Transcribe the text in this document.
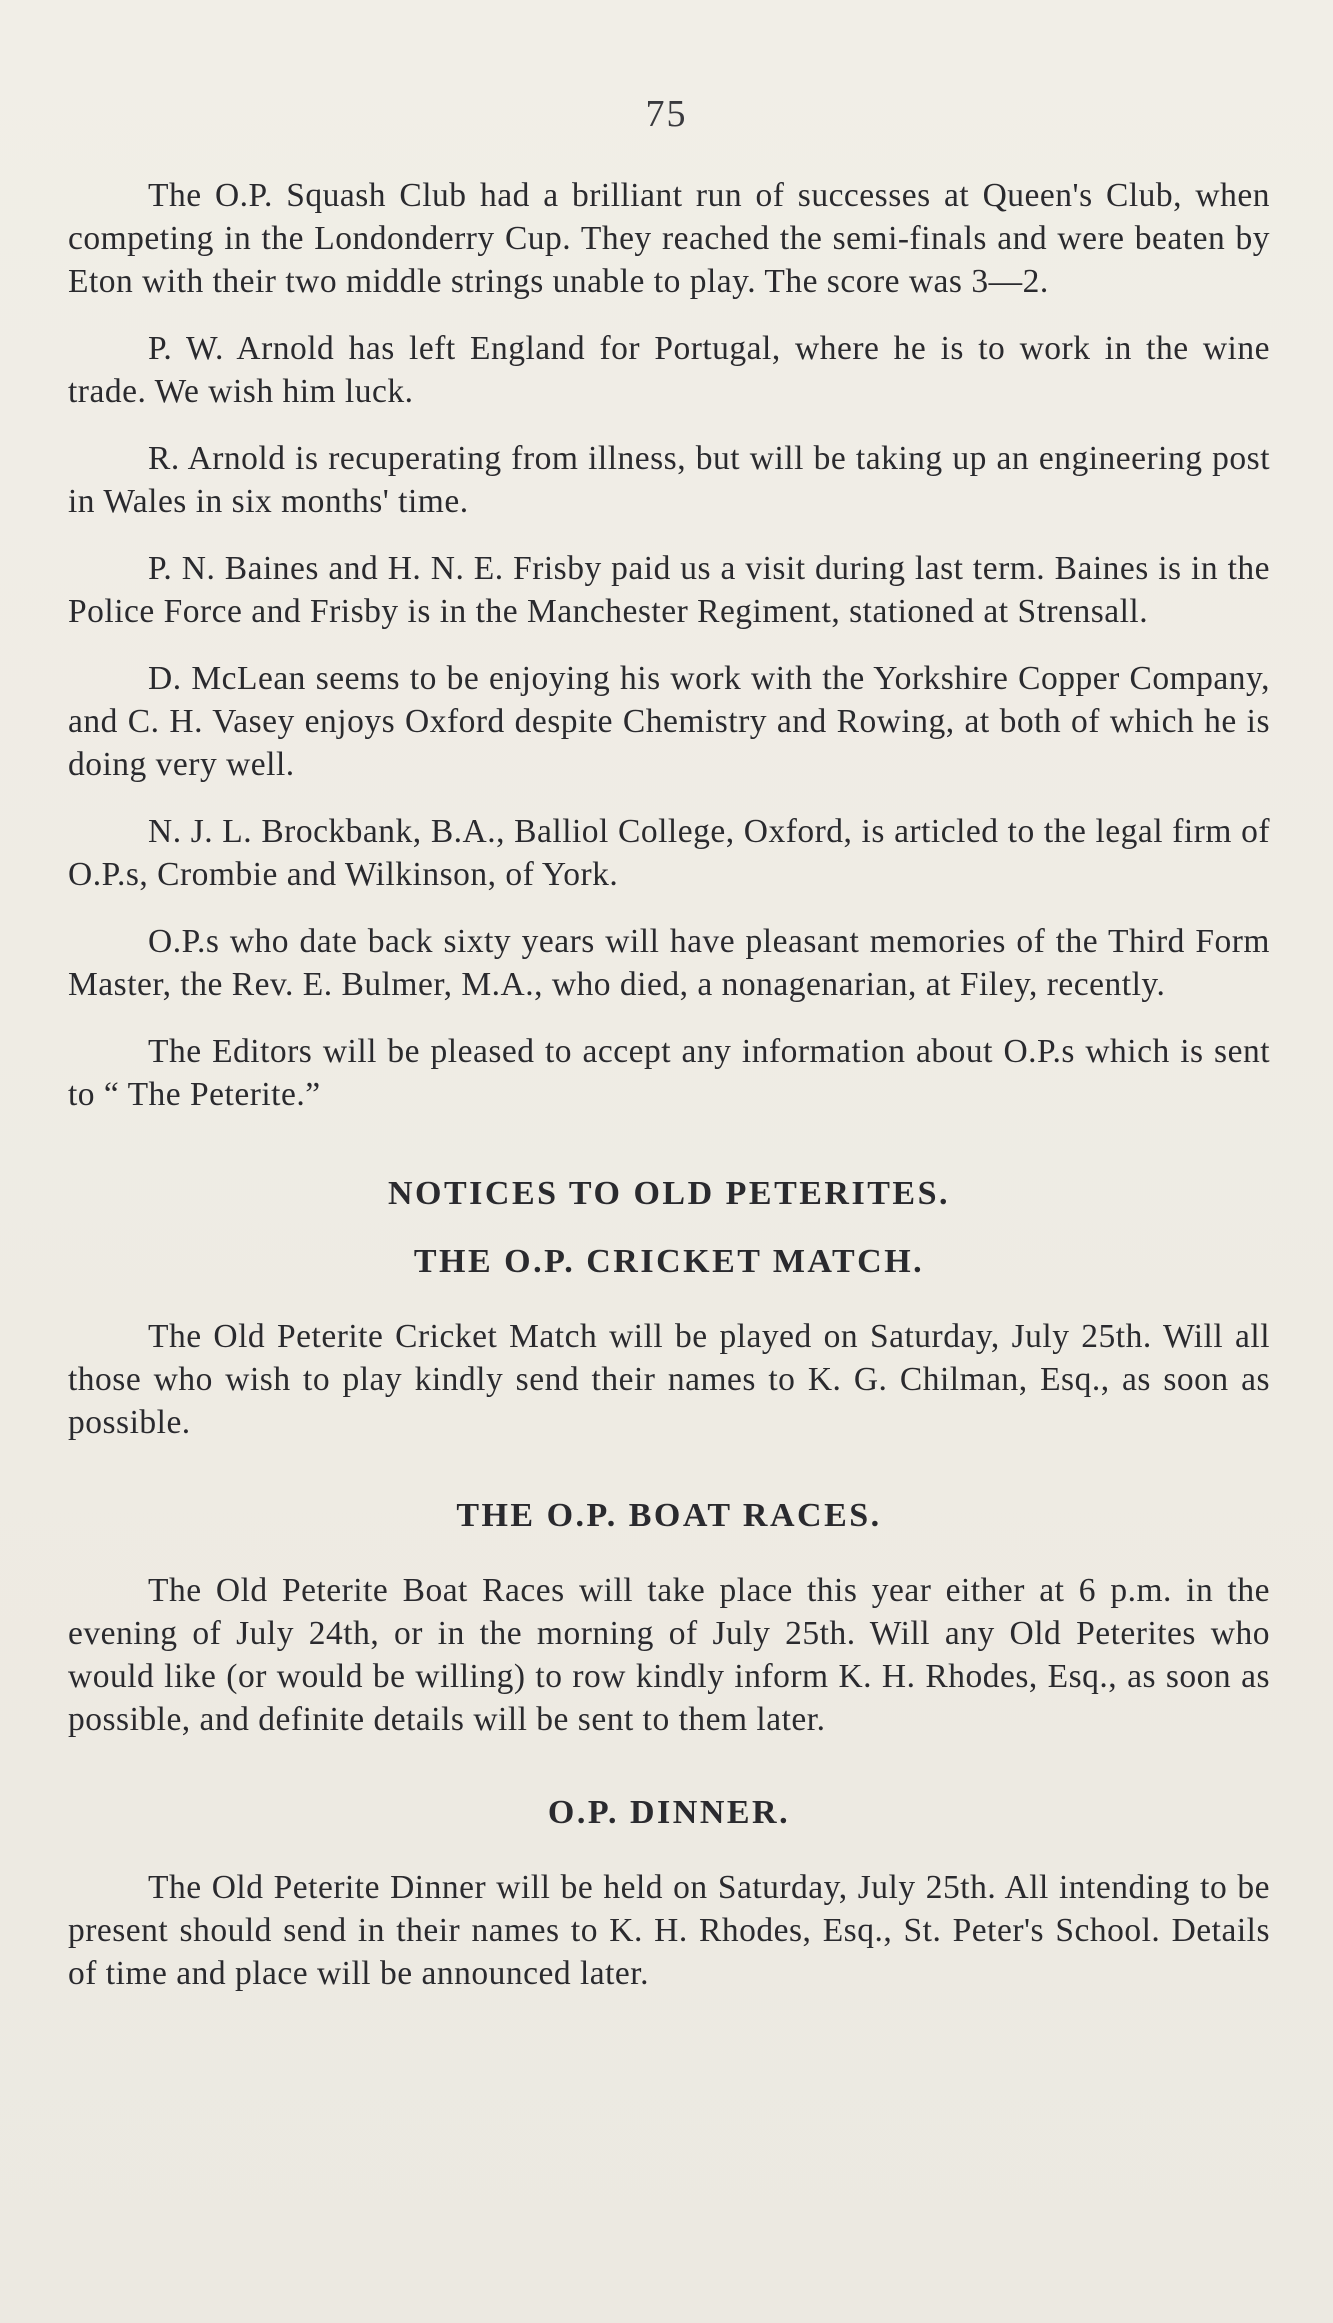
75

The O.P. Squash Club had a brilliant run of successes at Queen's Club, when competing in the Londonderry Cup. They reached the semi-finals and were beaten by Eton with their two middle strings unable to play. The score was 3—2.

P. W. Arnold has left England for Portugal, where he is to work in the wine trade. We wish him luck.

R. Arnold is recuperating from illness, but will be taking up an engineering post in Wales in six months' time.

P. N. Baines and H. N. E. Frisby paid us a visit during last term. Baines is in the Police Force and Frisby is in the Manchester Regiment, stationed at Strensall.

D. McLean seems to be enjoying his work with the Yorkshire Copper Company, and C. H. Vasey enjoys Oxford despite Chemistry and Rowing, at both of which he is doing very well.

N. J. L. Brockbank, B.A., Balliol College, Oxford, is articled to the legal firm of O.P.s, Crombie and Wilkinson, of York.

O.P.s who date back sixty years will have pleasant memories of the Third Form Master, the Rev. E. Bulmer, M.A., who died, a nonagenarian, at Filey, recently.

The Editors will be pleased to accept any information about O.P.s which is sent to “ The Peterite.”

NOTICES TO OLD PETERITES.
THE O.P. CRICKET MATCH.

The Old Peterite Cricket Match will be played on Saturday, July 25th. Will all those who wish to play kindly send their names to K. G. Chilman, Esq., as soon as possible.

THE O.P. BOAT RACES.

The Old Peterite Boat Races will take place this year either at 6 p.m. in the evening of July 24th, or in the morning of July 25th. Will any Old Peterites who would like (or would be willing) to row kindly inform K. H. Rhodes, Esq., as soon as possible, and definite details will be sent to them later.

O.P. DINNER.

The Old Peterite Dinner will be held on Saturday, July 25th. All intending to be present should send in their names to K. H. Rhodes, Esq., St. Peter's School. Details of time and place will be announced later.
